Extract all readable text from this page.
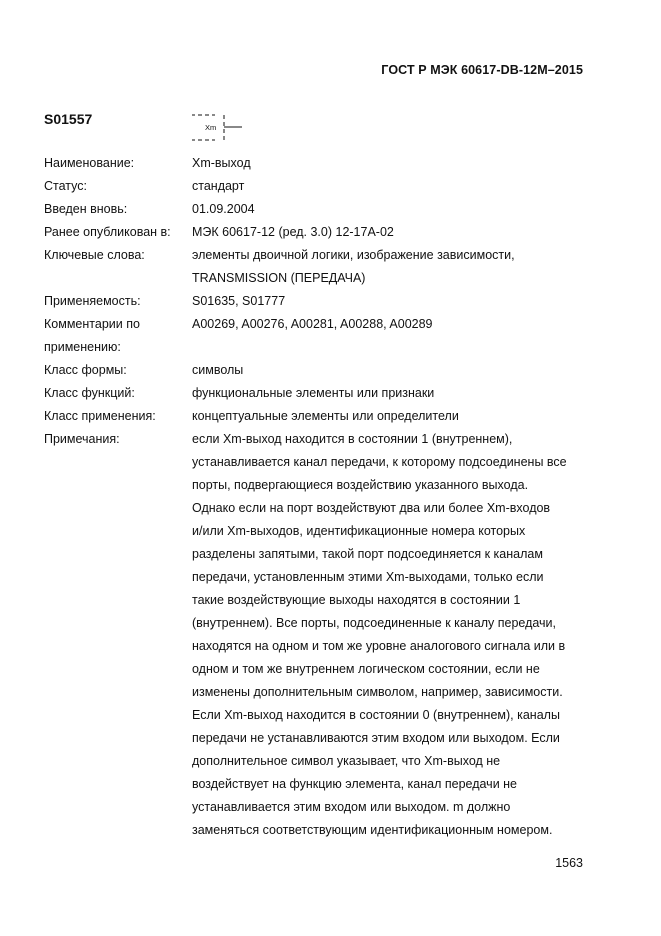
ГОСТ Р МЭК 60617-DB-12M–2015
S01557
Xm
Наименование:	Xm-выход
Статус:	стандарт
Введен вновь:	01.09.2004
Ранее опубликован в:	МЭК 60617-12 (ред. 3.0) 12-17A-02
Ключевые слова:	элементы двоичной логики, изображение зависимости,
TRANSMISSION (ПЕРЕДАЧА)
Применяемость:	S01635, S01777
Комментарии по
применению:
A00269, A00276, A00281, A00288, A00289
Класс формы:	символы
Класс функций:	функциональные элементы или признаки
Класс применения:	концептуальные элементы или определители
Примечания:	если Xm-выход находится в состоянии 1 (внутреннем),
устанавливается канал передачи, к которому подсоединены все
порты, подвергающиеся воздействию указанного выхода.
Однако если на порт воздействуют два или более Xm-входов
и/или Xm-выходов, идентификационные номера которых
разделены запятыми, такой порт подсоединяется к каналам
передачи, установленным этими Xm-выходами, только если
такие воздействующие выходы находятся в состоянии 1
(внутреннем). Все порты, подсоединенные к каналу передачи,
находятся на одном и том же уровне аналогового сигнала или в
одном и том же внутреннем логическом состоянии, если не
изменены дополнительным символом, например, зависимости.
Если Xm-выход находится в состоянии 0 (внутреннем), каналы
передачи не устанавливаются этим входом или выходом. Если
дополнительное символ указывает, что Xm-выход не
воздействует на функцию элемента, канал передачи не
устанавливается этим входом или выходом. m должно
заменяться соответствующим идентификационным номером.
1563
